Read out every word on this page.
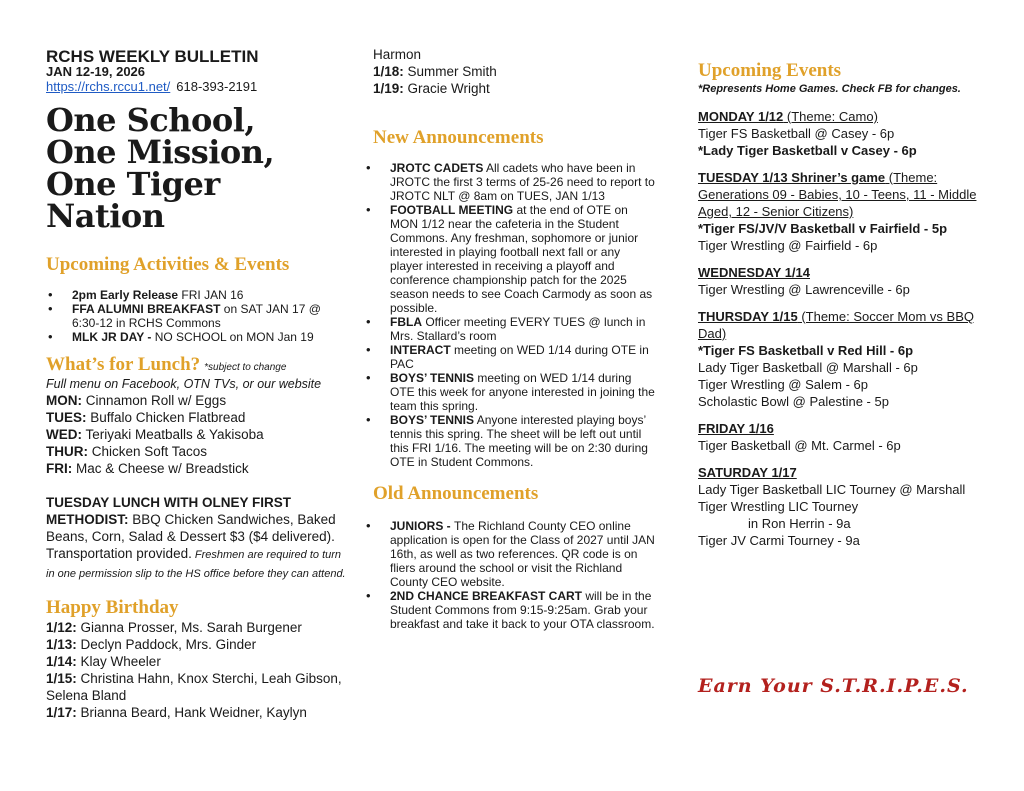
RCHS WEEKLY BULLETIN
JAN 12-19, 2026
https://rchs.rccu1.net/ 618-393-2191
One School,
One Mission,
One Tiger Nation
Upcoming Activities & Events
• 2pm Early Release FRI JAN 16
• FFA ALUMNI BREAKFAST on SAT JAN 17 @ 6:30-12 in RCHS Commons
• MLK JR DAY - NO SCHOOL on MON Jan 19
What’s for Lunch? *subject to change
Full menu on Facebook, OTN TVs, or our website
MON: Cinnamon Roll w/ Eggs
TUES: Buffalo Chicken Flatbread
WED: Teriyaki Meatballs & Yakisoba
THUR: Chicken Soft Tacos
FRI: Mac & Cheese w/ Breadstick
TUESDAY LUNCH WITH OLNEY FIRST METHODIST: BBQ Chicken Sandwiches, Baked Beans, Corn, Salad & Dessert $3 ($4 delivered). Transportation provided. Freshmen are required to turn in one permission slip to the HS office before they can attend.
Happy Birthday
1/12: Gianna Prosser, Ms. Sarah Burgener
1/13: Declyn Paddock, Mrs. Ginder
1/14: Klay Wheeler
1/15: Christina Hahn, Knox Sterchi, Leah Gibson, Selena Bland
1/17: Brianna Beard, Hank Weidner, Kaylyn
Harmon
1/18: Summer Smith
1/19: Gracie Wright
New Announcements
• JROTC CADETS All cadets who have been in JROTC the first 3 terms of 25-26 need to report to JROTC NLT @ 8am on TUES, JAN 1/13
• FOOTBALL MEETING at the end of OTE on MON 1/12 near the cafeteria in the Student Commons. Any freshman, sophomore or junior interested in playing football next fall or any player interested in receiving a playoff and conference championship patch for the 2025 season needs to see Coach Carmody as soon as possible.
• FBLA Officer meeting EVERY TUES @ lunch in Mrs. Stallard’s room
• INTERACT meeting on WED 1/14 during OTE in PAC
• BOYS’ TENNIS meeting on WED 1/14 during OTE this week for anyone interested in joining the team this spring.
• BOYS’ TENNIS Anyone interested playing boys’ tennis this spring. The sheet will be left out until this FRI 1/16. The meeting will be on 2:30 during OTE in Student Commons.
Old Announcements
• JUNIORS - The Richland County CEO online application is open for the Class of 2027 until JAN 16th, as well as two references. QR code is on fliers around the school or visit the Richland County CEO website.
• 2ND CHANCE BREAKFAST CART will be in the Student Commons from 9:15-9:25am. Grab your breakfast and take it back to your OTA classroom.
Upcoming Events
*Represents Home Games. Check FB for changes.
MONDAY 1/12 (Theme: Camo)
Tiger FS Basketball @ Casey - 6p
*Lady Tiger Basketball v Casey - 6p
TUESDAY 1/13 Shriner’s game (Theme: Generations 09 - Babies, 10 - Teens, 11 - Middle Aged, 12 - Senior Citizens)
*Tiger FS/JV/V Basketball v Fairfield - 5p
Tiger Wrestling @ Fairfield - 6p
WEDNESDAY 1/14
Tiger Wrestling @ Lawrenceville - 6p
THURSDAY 1/15 (Theme: Soccer Mom vs BBQ Dad)
*Tiger FS Basketball v Red Hill - 6p
Lady Tiger Basketball @ Marshall - 6p
Tiger Wrestling @ Salem - 6p
Scholastic Bowl @ Palestine - 5p
FRIDAY 1/16
Tiger Basketball @ Mt. Carmel - 6p
SATURDAY 1/17
Lady Tiger Basketball LIC Tourney @ Marshall
Tiger Wrestling LIC Tourney
in Ron Herrin - 9a
Tiger JV Carmi Tourney - 9a
Earn Your S.T.R.I.P.E.S.
